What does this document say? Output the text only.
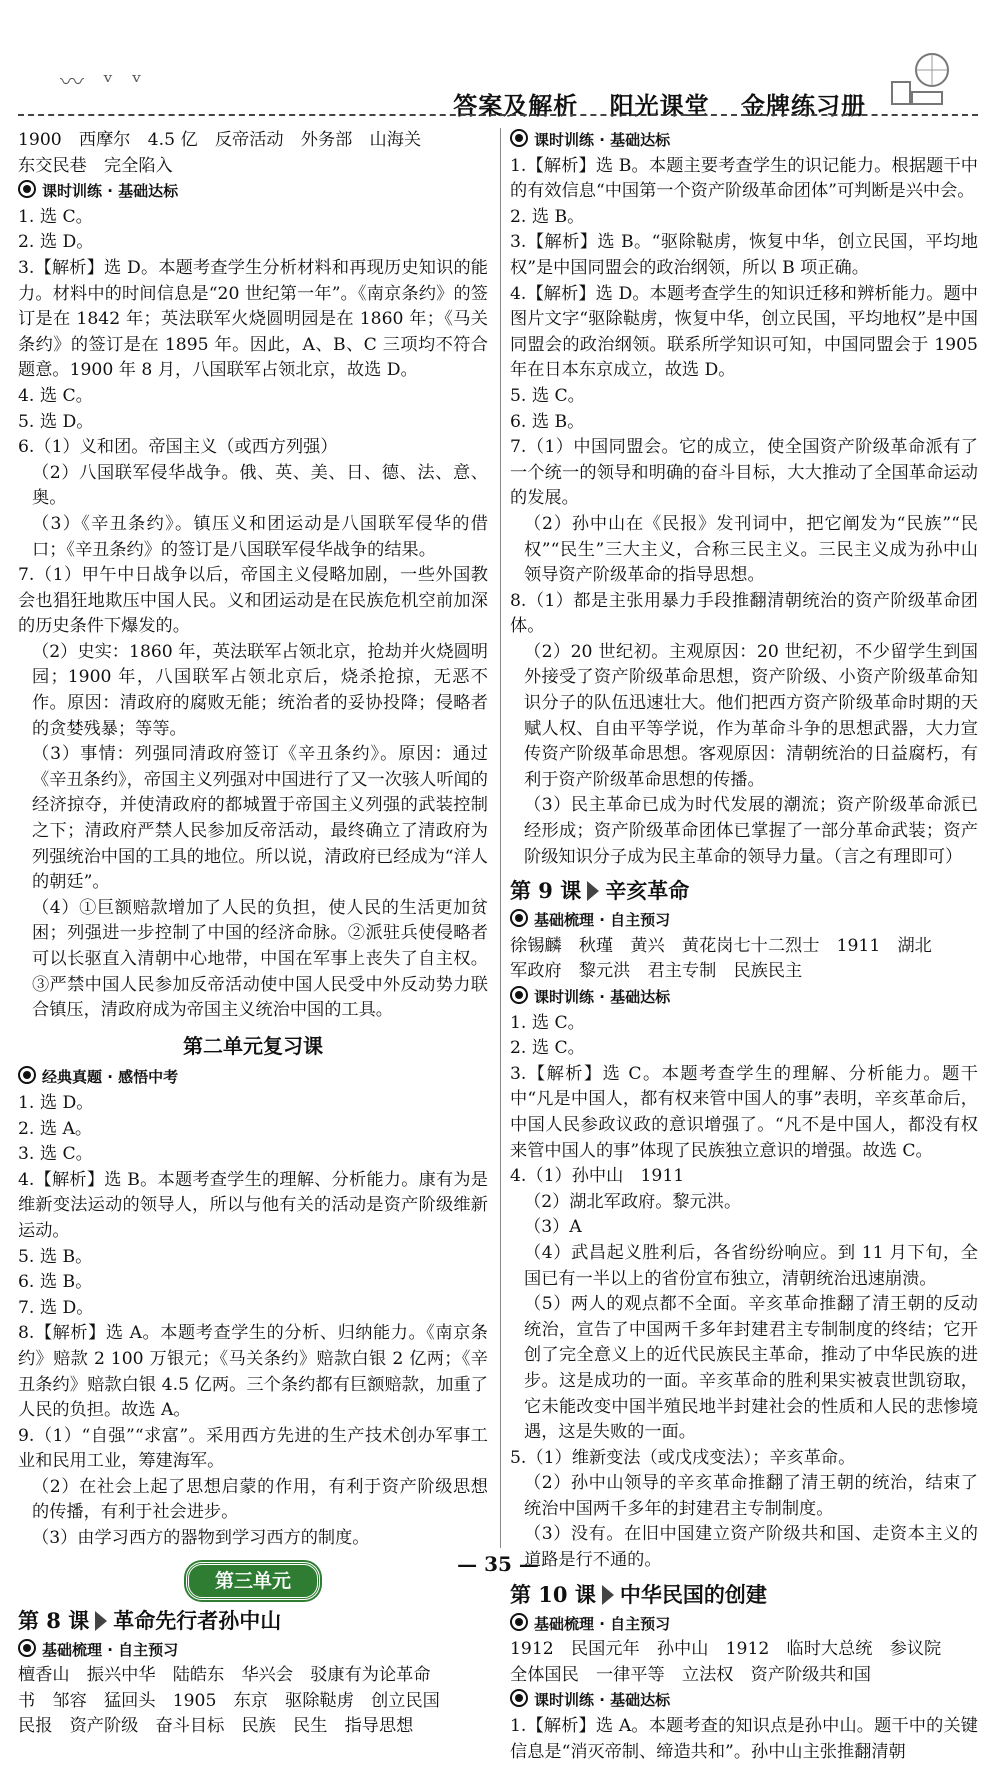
〰 ᵛ ᵛ
答案及解析 阳光课堂 金牌练习册

1900　西摩尔　4.5 亿　反帝活动　外务部　山海关

东交民巷　完全陷入

课时训练 · 基础达标

1. 选 C。

2. 选 D。

3.【解析】选 D。本题考查学生分析材料和再现历史知识的能力。材料中的时间信息是“20 世纪第一年”。《南京条约》的签订是在 1842 年；英法联军火烧圆明园是在 1860 年；《马关条约》的签订是在 1895 年。因此，A、B、C 三项均不符合题意。1900 年 8 月，八国联军占领北京，故选 D。

4. 选 C。

5. 选 D。

6.（1）义和团。帝国主义（或西方列强）

（2）八国联军侵华战争。俄、英、美、日、德、法、意、奥。

（3）《辛丑条约》。镇压义和团运动是八国联军侵华的借口；《辛丑条约》的签订是八国联军侵华战争的结果。

7.（1）甲午中日战争以后，帝国主义侵略加剧，一些外国教会也猖狂地欺压中国人民。义和团运动是在民族危机空前加深的历史条件下爆发的。

（2）史实：1860 年，英法联军占领北京，抢劫并火烧圆明园；1900 年，八国联军占领北京后，烧杀抢掠，无恶不作。原因：清政府的腐败无能；统治者的妥协投降；侵略者的贪婪残暴；等等。

（3）事情：列强同清政府签订《辛丑条约》。原因：通过《辛丑条约》，帝国主义列强对中国进行了又一次骇人听闻的经济掠夺，并使清政府的都城置于帝国主义列强的武装控制之下；清政府严禁人民参加反帝活动，最终确立了清政府为列强统治中国的工具的地位。所以说，清政府已经成为“洋人的朝廷”。

（4）①巨额赔款增加了人民的负担，使人民的生活更加贫困；列强进一步控制了中国的经济命脉。②派驻兵使侵略者可以长驱直入清朝中心地带，中国在军事上丧失了自主权。③严禁中国人民参加反帝活动使中国人民受中外反动势力联合镇压，清政府成为帝国主义统治中国的工具。

第二单元复习课

经典真题 · 感悟中考

1. 选 D。

2. 选 A。

3. 选 C。

4.【解析】选 B。本题考查学生的理解、分析能力。康有为是维新变法运动的领导人，所以与他有关的活动是资产阶级维新运动。

5. 选 B。

6. 选 B。

7. 选 D。

8.【解析】选 A。本题考查学生的分析、归纳能力。《南京条约》赔款 2 100 万银元；《马关条约》赔款白银 2 亿两；《辛丑条约》赔款白银 4.5 亿两。三个条约都有巨额赔款，加重了人民的负担。故选 A。

9.（1）“自强”“求富”。采用西方先进的生产技术创办军事工业和民用工业，筹建海军。

（2）在社会上起了思想启蒙的作用，有利于资产阶级思想的传播，有利于社会进步。

（3）由学习西方的器物到学习西方的制度。

第三单元
第 8 课 革命先行者孙中山

基础梳理 · 自主预习

檀香山　振兴中华　陆皓东　华兴会　驳康有为论革命

书　邹容　猛回头　1905　东京　驱除鞑虏　创立民国

民报　资产阶级　奋斗目标　民族　民生　指导思想

课时训练 · 基础达标

1.【解析】选 B。本题主要考查学生的识记能力。根据题干中的有效信息“中国第一个资产阶级革命团体”可判断是兴中会。

2. 选 B。

3.【解析】选 B。“驱除鞑虏，恢复中华，创立民国，平均地权”是中国同盟会的政治纲领，所以 B 项正确。

4.【解析】选 D。本题考查学生的知识迁移和辨析能力。题中图片文字“驱除鞑虏，恢复中华，创立民国，平均地权”是中国同盟会的政治纲领。联系所学知识可知，中国同盟会于 1905 年在日本东京成立，故选 D。

5. 选 C。

6. 选 B。

7.（1）中国同盟会。它的成立，使全国资产阶级革命派有了一个统一的领导和明确的奋斗目标，大大推动了全国革命运动的发展。

（2）孙中山在《民报》发刊词中，把它阐发为“民族”“民权”“民生”三大主义，合称三民主义。三民主义成为孙中山领导资产阶级革命的指导思想。

8.（1）都是主张用暴力手段推翻清朝统治的资产阶级革命团体。

（2）20 世纪初。主观原因：20 世纪初，不少留学生到国外接受了资产阶级革命思想，资产阶级、小资产阶级革命知识分子的队伍迅速壮大。他们把西方资产阶级革命时期的天赋人权、自由平等学说，作为革命斗争的思想武器，大力宣传资产阶级革命思想。客观原因：清朝统治的日益腐朽，有利于资产阶级革命思想的传播。

（3）民主革命已成为时代发展的潮流；资产阶级革命派已经形成；资产阶级革命团体已掌握了一部分革命武装；资产阶级知识分子成为民主革命的领导力量。（言之有理即可）

第 9 课 辛亥革命

基础梳理 · 自主预习

徐锡麟　秋瑾　黄兴　黄花岗七十二烈士　1911　湖北

军政府　黎元洪　君主专制　民族民主

课时训练 · 基础达标

1. 选 C。

2. 选 C。

3.【解析】选 C。本题考查学生的理解、分析能力。题干中“凡是中国人，都有权来管中国人的事”表明，辛亥革命后，中国人民参政议政的意识增强了。“凡不是中国人，都没有权来管中国人的事”体现了民族独立意识的增强。故选 C。

4.（1）孙中山　1911

（2）湖北军政府。黎元洪。

（3）A

（4）武昌起义胜利后，各省纷纷响应。到 11 月下旬，全国已有一半以上的省份宣布独立，清朝统治迅速崩溃。

（5）两人的观点都不全面。辛亥革命推翻了清王朝的反动统治，宣告了中国两千多年封建君主专制制度的终结；它开创了完全意义上的近代民族民主革命，推动了中华民族的进步。这是成功的一面。辛亥革命的胜利果实被袁世凯窃取，它未能改变中国半殖民地半封建社会的性质和人民的悲惨境遇，这是失败的一面。

5.（1）维新变法（或戊戌变法）；辛亥革命。

（2）孙中山领导的辛亥革命推翻了清王朝的统治，结束了统治中国两千多年的封建君主专制制度。

（3）没有。在旧中国建立资产阶级共和国、走资本主义的道路是行不通的。

第 10 课 中华民国的创建

基础梳理 · 自主预习

1912　民国元年　孙中山　1912　临时大总统　参议院

全体国民　一律平等　立法权　资产阶级共和国

课时训练 · 基础达标

1.【解析】选 A。本题考查的知识点是孙中山。题干中的关键信息是“消灭帝制、缔造共和”。孙中山主张推翻清朝

— 35 —
